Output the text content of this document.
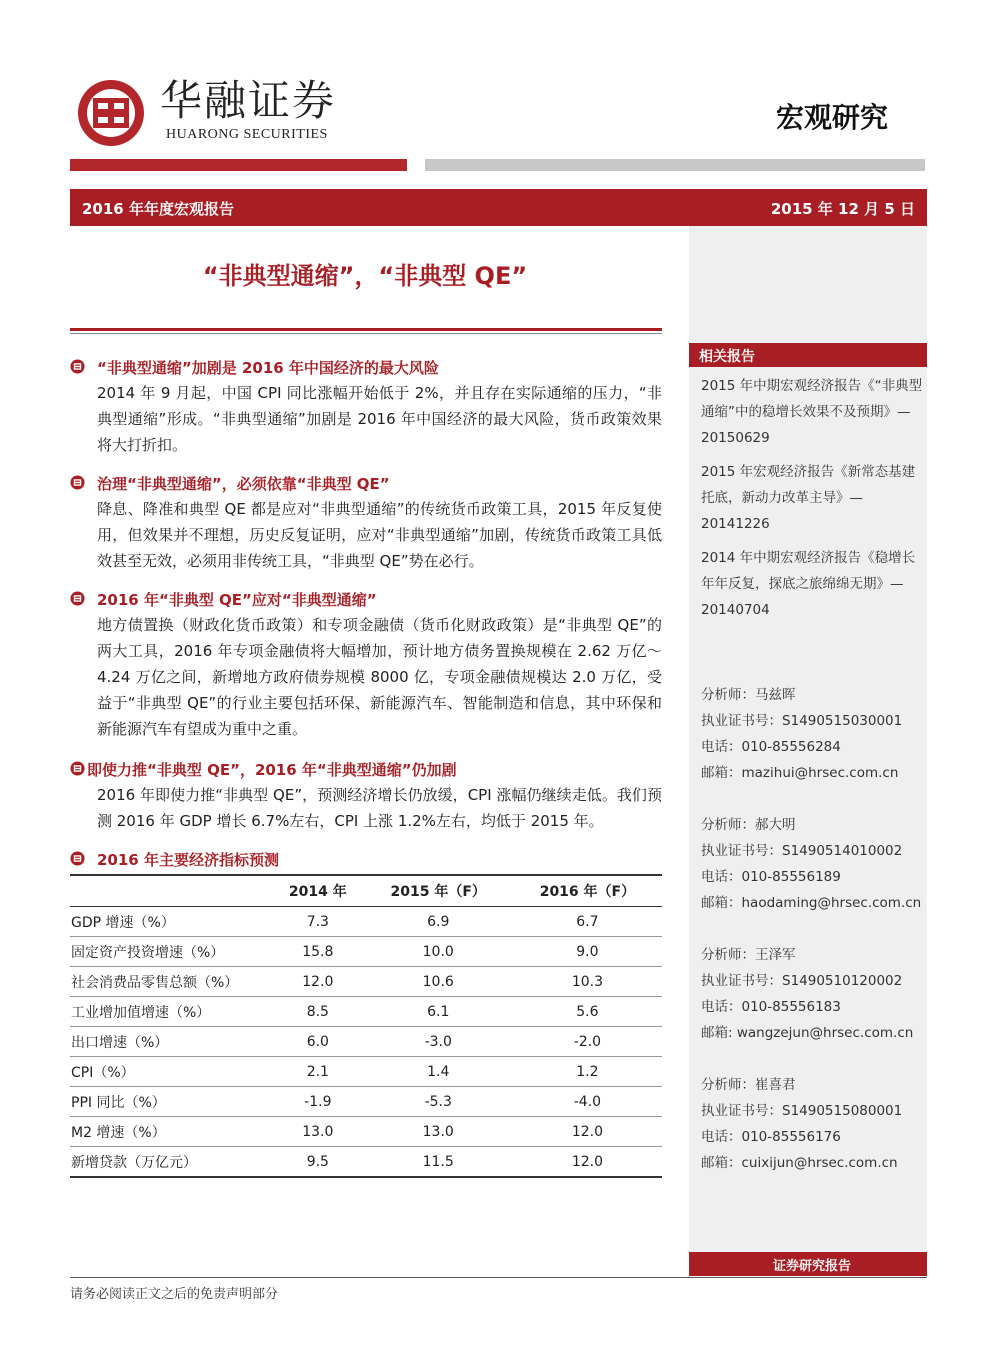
华融证券
HUARONG SECURITIES
宏观研究
2016 年年度宏观报告	2015 年 12 月 5 日
相关报告

2015 年中期宏观经济报告《“非典型通缩”中的稳增长效果不及预期》—20150629

2015 年宏观经济报告《新常态基建托底，新动力改革主导》—20141226

2014 年中期宏观经济报告《稳增长年年反复，探底之旅绵绵无期》—20140704

分析师：马兹晖
执业证书号：S1490515030001
电话：010-85556284
邮箱：mazihui@hrsec.com.cn
分析师：郝大明
执业证书号：S1490514010002
电话：010-85556189
邮箱：haodaming@hrsec.com.cn
分析师：王泽军
执业证书号：S1490510120002
电话：010-85556183
邮箱: wangzejun@hrsec.com.cn
分析师：崔喜君
执业证书号：S1490515080001
电话：010-85556176
邮箱：cuixijun@hrsec.com.cn
证券研究报告
“非典型通缩”，“非典型 QE”
“非典型通缩”加剧是 2016 年中国经济的最大风险

2014 年 9 月起，中国 CPI 同比涨幅开始低于 2%，并且存在实际通缩的压力，“非典型通缩”形成。“非典型通缩”加剧是 2016 年中国经济的最大风险，货币政策效果将大打折扣。

治理“非典型通缩”，必须依靠“非典型 QE”

降息、降准和典型 QE 都是应对“非典型通缩”的传统货币政策工具，2015 年反复使用，但效果并不理想，历史反复证明，应对“非典型通缩”加剧，传统货币政策工具低效甚至无效，必须用非传统工具，“非典型 QE”势在必行。

2016 年“非典型 QE”应对“非典型通缩”

地方债置换（财政化货币政策）和专项金融债（货币化财政政策）是“非典型 QE”的两大工具，2016 年专项金融债将大幅增加，预计地方债务置换规模在 2.62 万亿～4.24 万亿之间，新增地方政府债券规模 8000 亿，专项金融债规模达 2.0 万亿，受益于“非典型 QE”的行业主要包括环保、新能源汽车、智能制造和信息，其中环保和新能源汽车有望成为重中之重。

即使力推“非典型 QE”，2016 年“非典型通缩”仍加剧

2016 年即使力推“非典型 QE”，预测经济增长仍放缓，CPI 涨幅仍继续走低。我们预测 2016 年 GDP 增长 6.7%左右，CPI 上涨 1.2%左右，均低于 2015 年。

2016 年主要经济指标预测
	2014 年	2015 年（F）	2016 年（F）
GDP 增速（%）	7.3	6.9	6.7
固定资产投资增速（%）	15.8	10.0	9.0
社会消费品零售总额（%）	12.0	10.6	10.3
工业增加值增速（%）	8.5	6.1	5.6
出口增速（%）	6.0	-3.0	-2.0
CPI（%）	2.1	1.4	1.2
PPI 同比（%）	-1.9	-5.3	-4.0
M2 增速（%）	13.0	13.0	12.0
新增贷款（万亿元）	9.5	11.5	12.0
请务必阅读正文之后的免责声明部分
